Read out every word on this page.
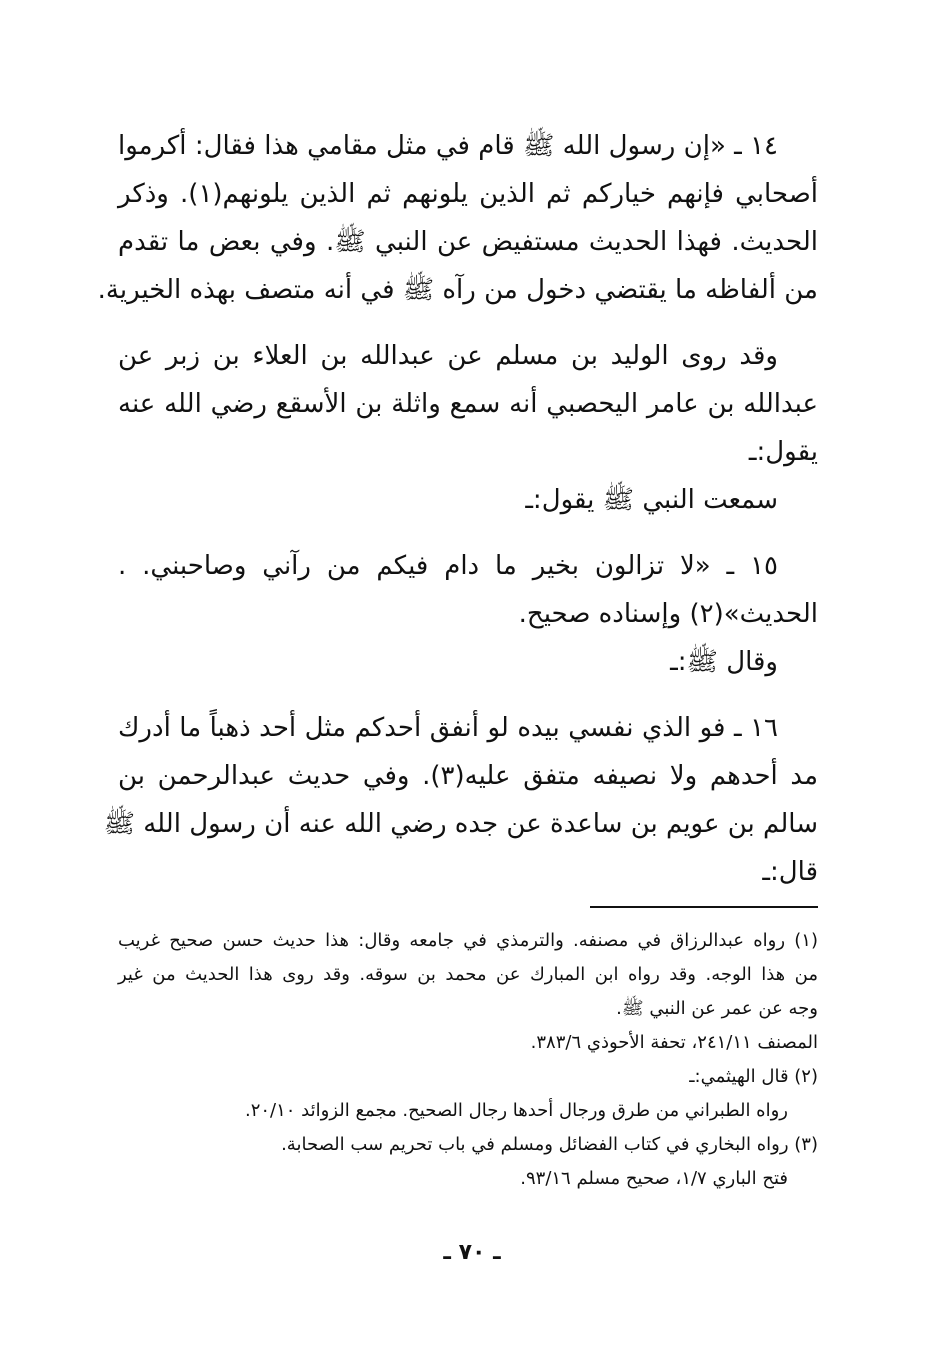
١٤ ـ «إن رسول الله ﷺ قام في مثل مقامي هذا فقال: أكرموا
أصحابي فإنهم خياركم ثم الذين يلونهم ثم الذين يلونهم(١). وذكر
الحديث. فهذا الحديث مستفيض عن النبي ﷺ. وفي بعض ما تقدم
من ألفاظه ما يقتضي دخول من رآه ﷺ في أنه متصف بهذه الخيرية.

وقد روى الوليد بن مسلم عن عبدالله بن العلاء بن زبر عن
عبدالله بن عامر اليحصبي أنه سمع واثلة بن الأسقع رضي الله عنه
يقول:ـ

سمعت النبي ﷺ يقول:ـ

١٥ ـ «لا تزالون بخير ما دام فيكم من رآني وصاحبني. .
الحديث»(٢) وإسناده صحيح.
وقال ﷺ:ـ

١٦ ـ فو الذي نفسي بيده لو أنفق أحدكم مثل أحد ذهباً ما أدرك
مد أحدهم ولا نصيفه متفق عليه(٣). وفي حديث عبدالرحمن بن
سالم بن عويم بن ساعدة عن جده رضي الله عنه أن رسول الله ﷺ
قال:ـ

(١) رواه عبدالرزاق في مصنفه. والترمذي في جامعه وقال: هذا حديث حسن صحيح غريب
من هذا الوجه. وقد رواه ابن المبارك عن محمد بن سوقه. وقد روى هذا الحديث من غير
وجه عن عمر عن النبي ﷺ.
المصنف ٢٤١/١١، تحفة الأحوذي ٣٨٣/٦.
(٢) قال الهيثمي:ـ
رواه الطبراني من طرق ورجال أحدها رجال الصحيح. مجمع الزوائد ٢٠/١٠.
(٣) رواه البخاري في كتاب الفضائل ومسلم في باب تحريم سب الصحابة.
فتح الباري ١/٧، صحيح مسلم ٩٣/١٦.
ـ ٧٠ ـ
